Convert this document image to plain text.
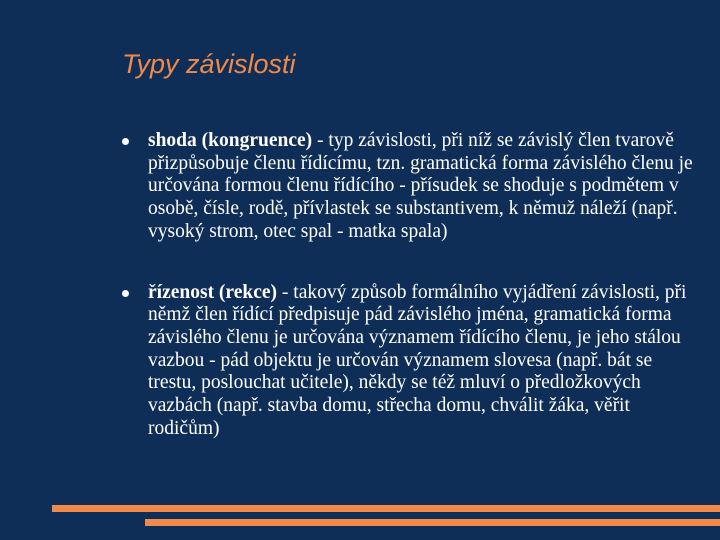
Typy závislosti
shoda (kongruence) - typ závislosti, při níž se závislý člen tvarově přizpůsobuje členu řídícímu, tzn. gramatická forma závislého členu je určována formou členu řídícího - přísudek se shoduje s podmětem v osobě, čísle, rodě, přívlastek se substantivem, k němuž náleží (např. vysoký strom, otec spal - matka spala)
řízenost (rekce) - takový způsob formálního vyjádření závislosti, při němž člen řídící předpisuje pád závislého jména, gramatická forma závislého členu je určována významem řídícího členu, je jeho stálou vazbou - pád objektu je určován významem slovesa (např. bát se trestu, poslouchat učitele), někdy se též mluví o předložkových vazbách (např. stavba domu, střecha domu, chválit žáka, věřit rodičům)
